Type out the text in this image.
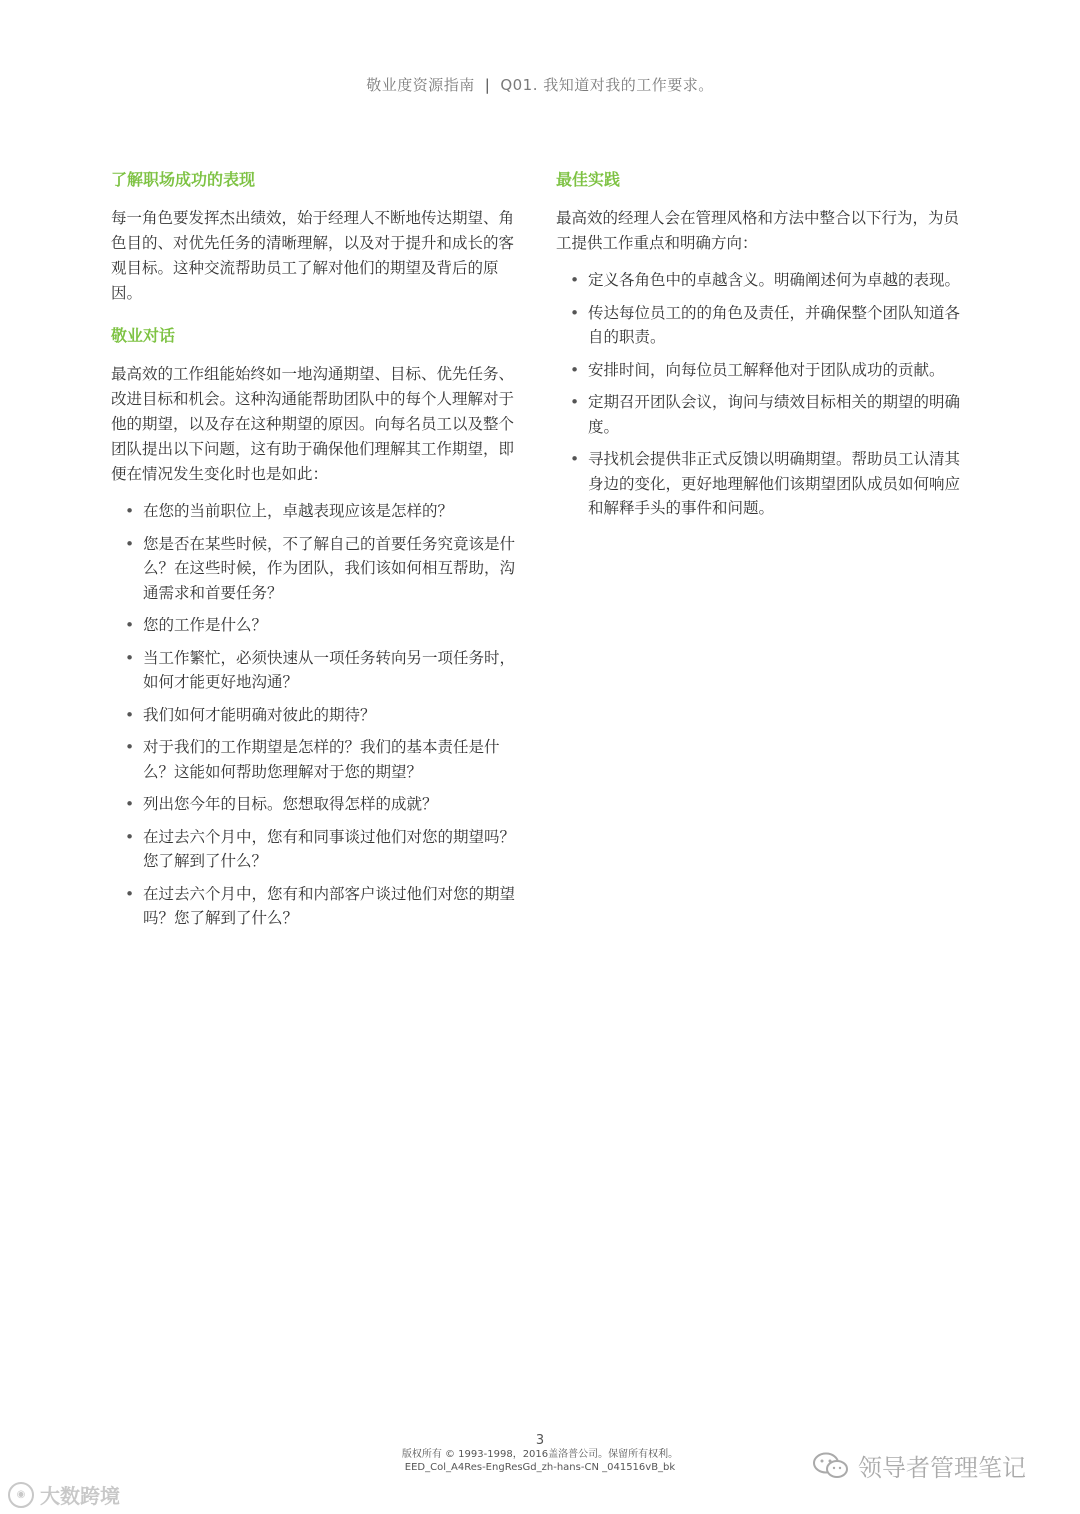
敬业度资源指南 | Q01. 我知道对我的工作要求。
了解职场成功的表现

每一角色要发挥杰出绩效，始于经理人不断地传达期望、角色目的、对优先任务的清晰理解，以及对于提升和成长的客观目标。这种交流帮助员工了解对他们的期望及背后的原因。

敬业对话

最高效的工作组能始终如一地沟通期望、目标、优先任务、改进目标和机会。这种沟通能帮助团队中的每个人理解对于他的期望，以及存在这种期望的原因。向每名员工以及整个团队提出以下问题，这有助于确保他们理解其工作期望，即便在情况发生变化时也是如此：

• 在您的当前职位上，卓越表现应该是怎样的？
• 您是否在某些时候，不了解自己的首要任务究竟该是什么？在这些时候，作为团队，我们该如何相互帮助，沟通需求和首要任务？
• 您的工作是什么？
• 当工作繁忙，必须快速从一项任务转向另一项任务时，如何才能更好地沟通？
• 我们如何才能明确对彼此的期待？
• 对于我们的工作期望是怎样的？我们的基本责任是什么？这能如何帮助您理解对于您的期望？
• 列出您今年的目标。您想取得怎样的成就？
• 在过去六个月中，您有和同事谈过他们对您的期望吗？您了解到了什么？
• 在过去六个月中，您有和内部客户谈过他们对您的期望吗？您了解到了什么？
最佳实践

最高效的经理人会在管理风格和方法中整合以下行为，为员工提供工作重点和明确方向：

• 定义各角色中的卓越含义。明确阐述何为卓越的表现。
• 传达每位员工的的角色及责任，并确保整个团队知道各自的职责。
• 安排时间，向每位员工解释他对于团队成功的贡献。
• 定期召开团队会议，询问与绩效目标相关的期望的明确度。
• 寻找机会提供非正式反馈以明确期望。帮助员工认清其身边的变化，更好地理解他们该期望团队成员如何响应和解释手头的事件和问题。
3
版权所有 © 1993-1998，2016盖洛普公司。保留所有权利。
EED_Col_A4Res-EngResGd_zh-hans-CN _041516vB_bk
◉ 大数跨境
领导者管理笔记
